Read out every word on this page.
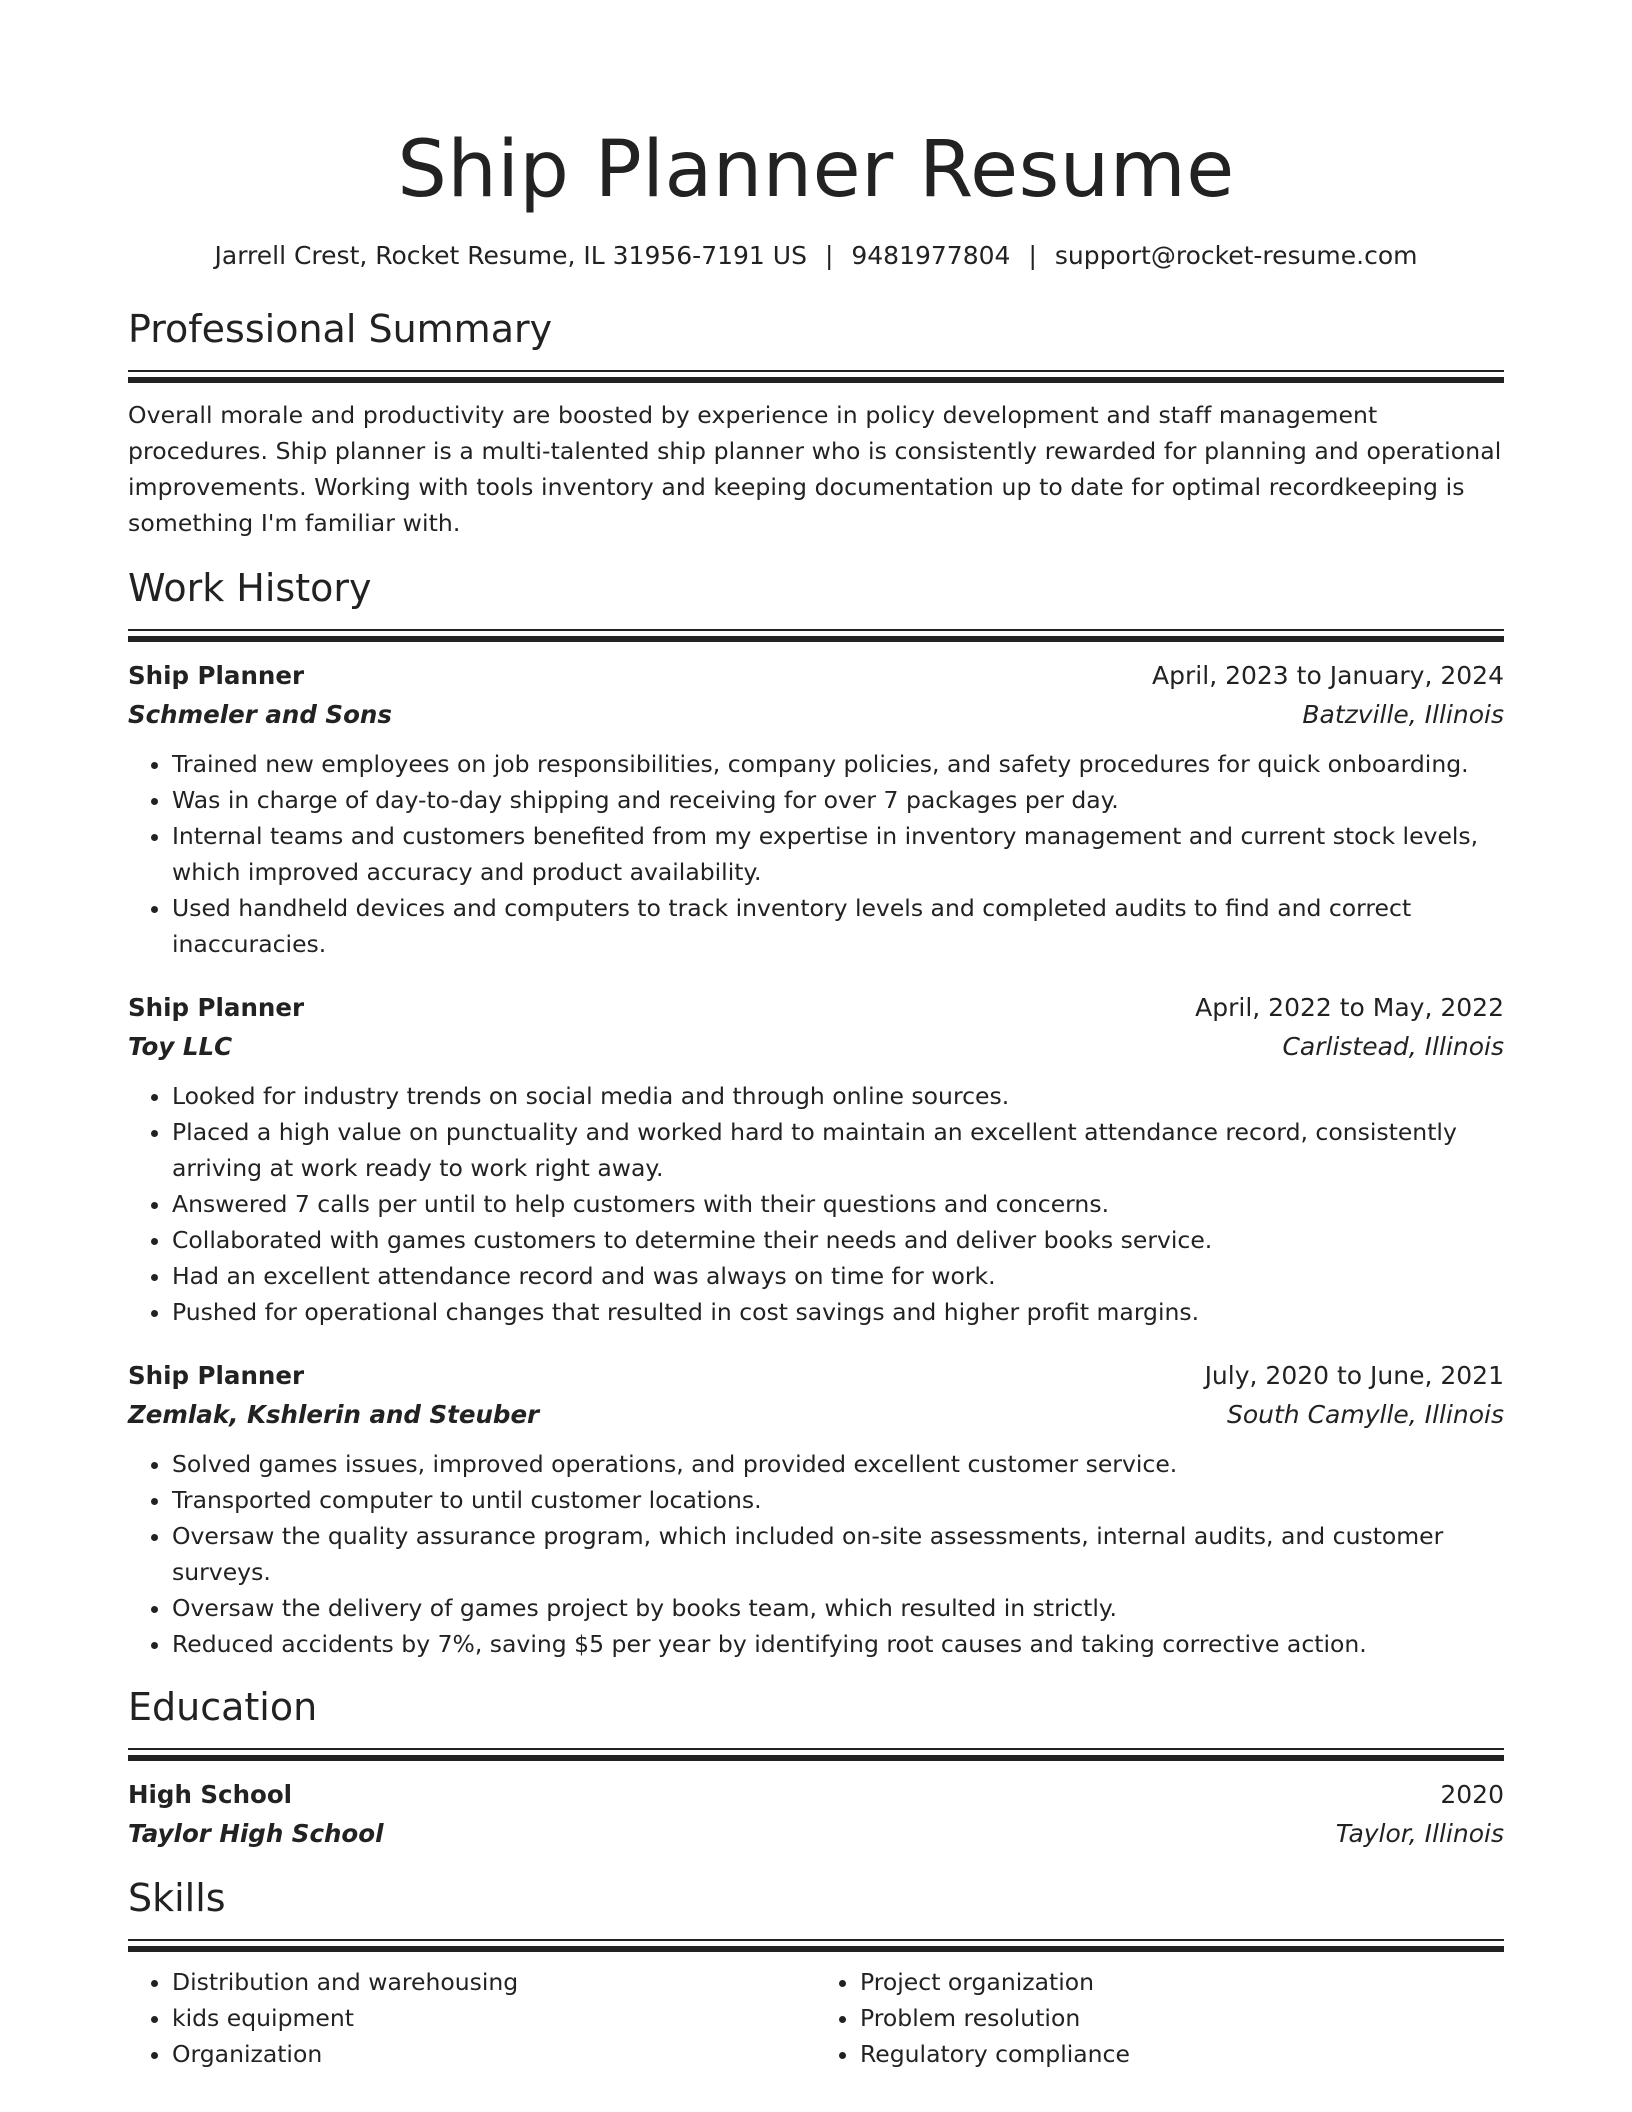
Ship Planner Resume
Jarrell Crest, Rocket Resume, IL 31956-7191 US | 9481977804 | support@rocket-resume.com
Professional Summary
Overall morale and productivity are boosted by experience in policy development and staff management procedures. Ship planner is a multi-talented ship planner who is consistently rewarded for planning and operational improvements. Working with tools inventory and keeping documentation up to date for optimal recordkeeping is something I'm familiar with.
Work History
Ship Planner	April, 2023 to January, 2024
Schmeler and Sons	Batzville, Illinois
• Trained new employees on job responsibilities, company policies, and safety procedures for quick onboarding.
• Was in charge of day-to-day shipping and receiving for over 7 packages per day.
• Internal teams and customers benefited from my expertise in inventory management and current stock levels, which improved accuracy and product availability.
• Used handheld devices and computers to track inventory levels and completed audits to find and correct inaccuracies.
Ship Planner	April, 2022 to May, 2022
Toy LLC	Carlistead, Illinois
• Looked for industry trends on social media and through online sources.
• Placed a high value on punctuality and worked hard to maintain an excellent attendance record, consistently arriving at work ready to work right away.
• Answered 7 calls per until to help customers with their questions and concerns.
• Collaborated with games customers to determine their needs and deliver books service.
• Had an excellent attendance record and was always on time for work.
• Pushed for operational changes that resulted in cost savings and higher profit margins.
Ship Planner	July, 2020 to June, 2021
Zemlak, Kshlerin and Steuber	South Camylle, Illinois
• Solved games issues, improved operations, and provided excellent customer service.
• Transported computer to until customer locations.
• Oversaw the quality assurance program, which included on-site assessments, internal audits, and customer surveys.
• Oversaw the delivery of games project by books team, which resulted in strictly.
• Reduced accidents by 7%, saving $5 per year by identifying root causes and taking corrective action.
Education
High School	2020
Taylor High School	Taylor, Illinois
Skills
• Distribution and warehousing
• kids equipment
• Organization
• Project organization
• Problem resolution
• Regulatory compliance
